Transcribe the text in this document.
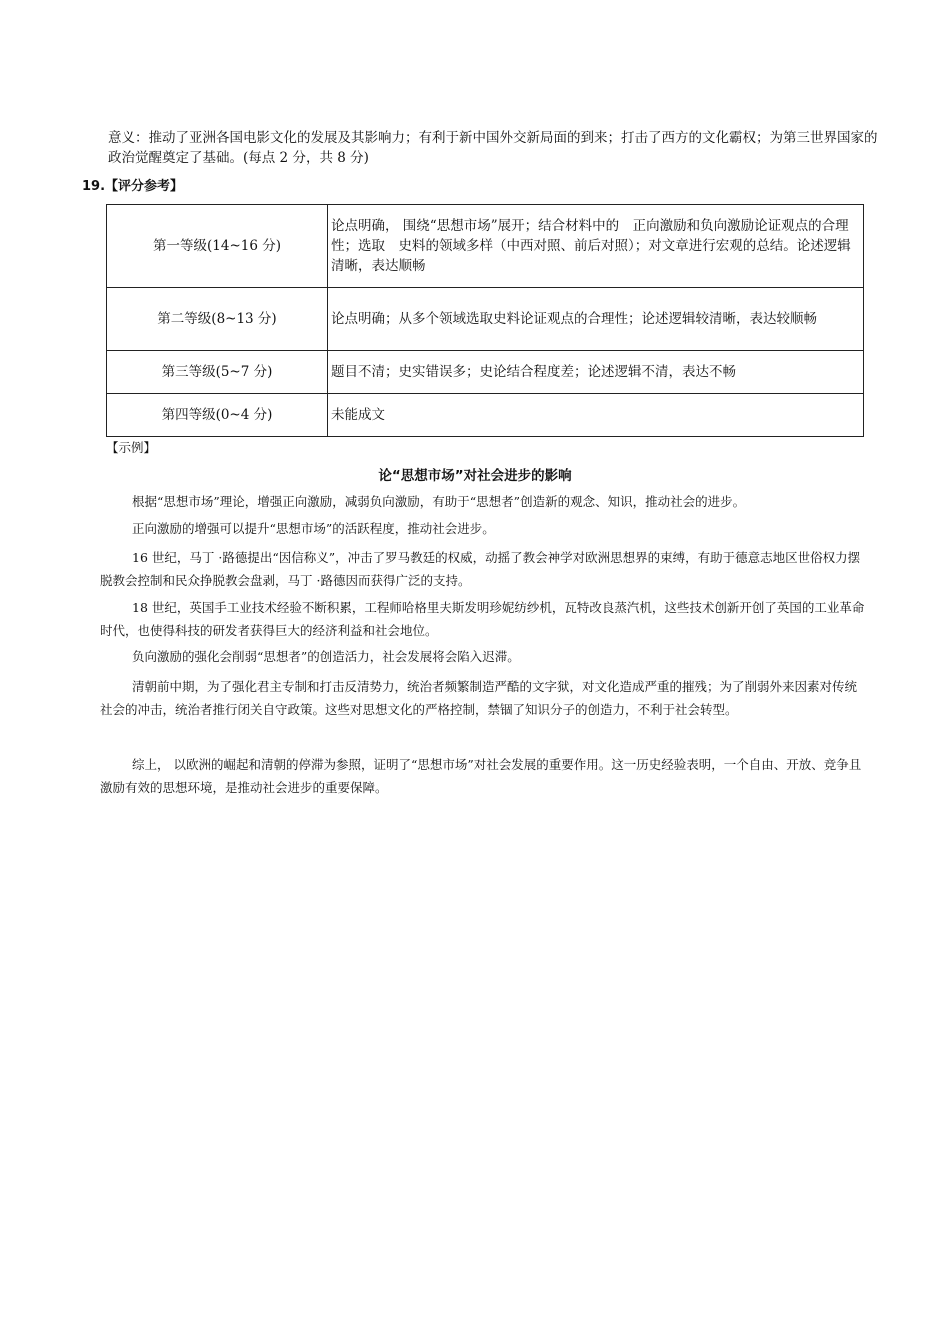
意义：推动了亚洲各国电影文化的发展及其影响力；有利于新中国外交新局面的到来；打击了西方的文化霸权；为第三世界国家的政治觉醒奠定了基础。(每点 2 分，共 8 分)
19.【评分参考】
第一等级(14~16 分)	论点明确， 围绕“思想市场”展开；结合材料中的　正向激励和负向激励论证观点的合理性；选取　史料的领域多样（中西对照、前后对照）；对文章进行宏观的总结。论述逻辑清晰，表达顺畅
第二等级(8~13 分)	论点明确；从多个领域选取史料论证观点的合理性；论述逻辑较清晰，表达较顺畅
第三等级(5~7 分)	题目不清；史实错误多；史论结合程度差；论述逻辑不清，表达不畅
第四等级(0~4 分)	未能成文
【示例】
论“思想市场”对社会进步的影响

根据“思想市场”理论，增强正向激励，减弱负向激励，有助于“思想者”创造新的观念、知识，推动社会的进步。

正向激励的增强可以提升“思想市场”的活跃程度，推动社会进步。

16 世纪，马丁 ·路德提出“因信称义”，冲击了罗马教廷的权威，动摇了教会神学对欧洲思想界的束缚，有助于德意志地区世俗权力摆脱教会控制和民众挣脱教会盘剥，马丁 ·路德因而获得广泛的支持。

18 世纪，英国手工业技术经验不断积累，工程师哈格里夫斯发明珍妮纺纱机，瓦特改良蒸汽机，这些技术创新开创了英国的工业革命时代，也使得科技的研发者获得巨大的经济利益和社会地位。

负向激励的强化会削弱“思想者”的创造活力，社会发展将会陷入迟滞。

清朝前中期，为了强化君主专制和打击反清势力，统治者频繁制造严酷的文字狱，对文化造成严重的摧残；为了削弱外来因素对传统社会的冲击，统治者推行闭关自守政策。这些对思想文化的严格控制，禁锢了知识分子的创造力，不利于社会转型。

综上， 以欧洲的崛起和清朝的停滞为参照，证明了“思想市场”对社会发展的重要作用。这一历史经验表明，一个自由、开放、竞争且激励有效的思想环境，是推动社会进步的重要保障。
